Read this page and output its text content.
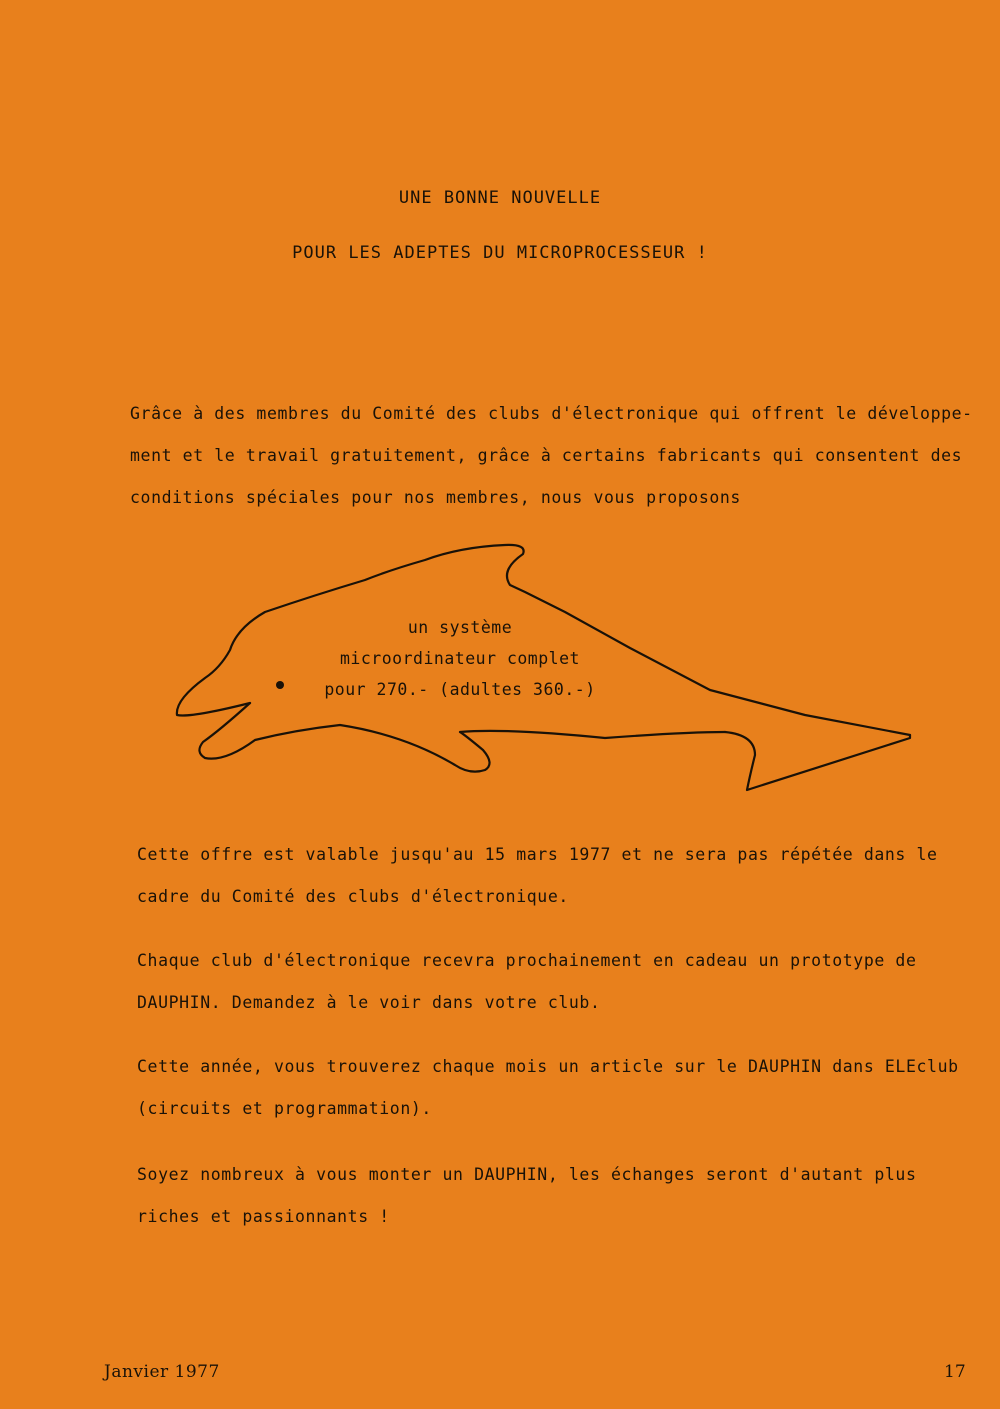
UNE BONNE NOUVELLE
POUR LES ADEPTES DU MICROPROCESSEUR !

Grâce à des membres du Comité des clubs d'électronique qui offrent le développe-
ment et le travail gratuitement, grâce à certains fabricants qui consentent des
conditions spéciales pour nos membres, nous vous proposons

un système
microordinateur complet
pour 270.- (adultes 360.-)

Cette offre est valable jusqu'au 15 mars 1977 et ne sera pas répétée dans le
cadre du Comité des clubs d'électronique.

Chaque club d'électronique recevra prochainement en cadeau un prototype de
DAUPHIN. Demandez à le voir dans votre club.

Cette année, vous trouverez chaque mois un article sur le DAUPHIN dans ELEclub
(circuits et programmation).

Soyez nombreux à vous monter un DAUPHIN, les échanges seront d'autant plus
riches et passionnants !

Janvier 1977	17
